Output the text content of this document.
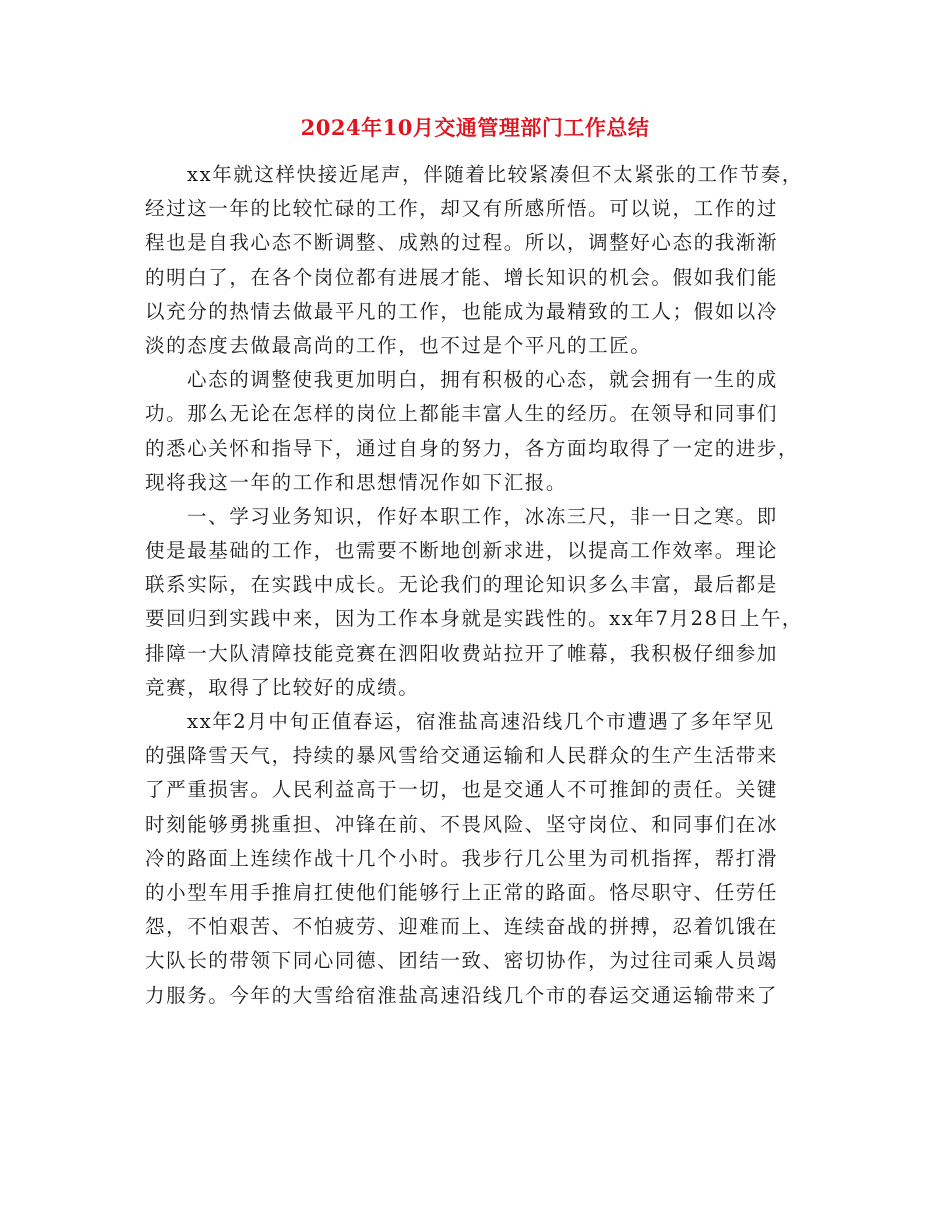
2024年10月交通管理部门工作总结
xx年就这样快接近尾声，伴随着比较紧凑但不太紧张的工作节奏，
经过这一年的比较忙碌的工作，却又有所感所悟。可以说，工作的过
程也是自我心态不断调整、成熟的过程。所以，调整好心态的我渐渐
的明白了，在各个岗位都有进展才能、增长知识的机会。假如我们能
以充分的热情去做最平凡的工作，也能成为最精致的工人；假如以冷
淡的态度去做最高尚的工作，也不过是个平凡的工匠。
心态的调整使我更加明白，拥有积极的心态，就会拥有一生的成
功。那么无论在怎样的岗位上都能丰富人生的经历。在领导和同事们
的悉心关怀和指导下，通过自身的努力，各方面均取得了一定的进步，
现将我这一年的工作和思想情况作如下汇报。
一、学习业务知识，作好本职工作，冰冻三尺，非一日之寒。即
使是最基础的工作，也需要不断地创新求进，以提高工作效率。理论
联系实际，在实践中成长。无论我们的理论知识多么丰富，最后都是
要回归到实践中来，因为工作本身就是实践性的。xx年7月28日上午，
排障一大队清障技能竞赛在泗阳收费站拉开了帷幕，我积极仔细参加
竞赛，取得了比较好的成绩。
xx年2月中旬正值春运，宿淮盐高速沿线几个市遭遇了多年罕见
的强降雪天气，持续的暴风雪给交通运输和人民群众的生产生活带来
了严重损害。人民利益高于一切，也是交通人不可推卸的责任。关键
时刻能够勇挑重担、冲锋在前、不畏风险、坚守岗位、和同事们在冰
冷的路面上连续作战十几个小时。我步行几公里为司机指挥，帮打滑
的小型车用手推肩扛使他们能够行上正常的路面。恪尽职守、任劳任
怨，不怕艰苦、不怕疲劳、迎难而上、连续奋战的拼搏，忍着饥饿在
大队长的带领下同心同德、团结一致、密切协作，为过往司乘人员竭
力服务。今年的大雪给宿淮盐高速沿线几个市的春运交通运输带来了
